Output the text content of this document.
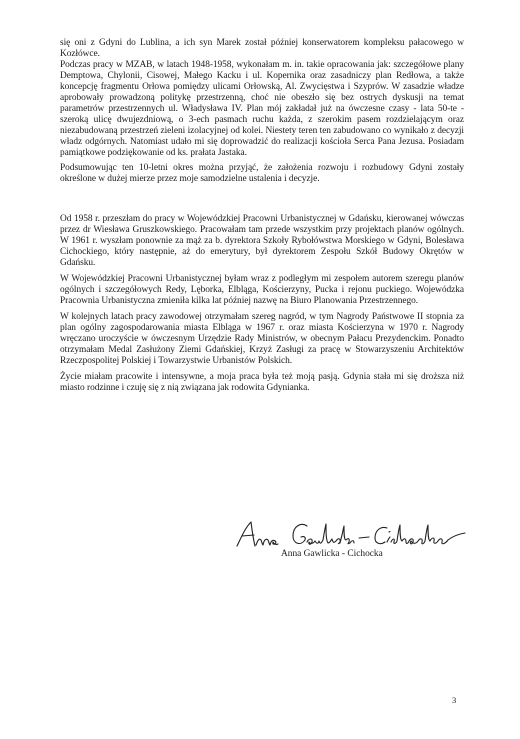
się oni z Gdyni do Lublina, a ich syn Marek został później konserwatorem kompleksu pałacowego w Kozłówce.

Podczas pracy w MZAB, w latach 1948-1958, wykonałam m. in. takie opracowania jak: szczegółowe plany Demptowa, Chylonii, Cisowej, Małego Kacku i ul. Kopernika oraz zasadniczy plan Redłowa, a także koncepcję fragmentu Orłowa pomiędzy ulicami Orłowską, Al. Zwycięstwa i Szyprów. W zasadzie władze aprobowały prowadzoną politykę przestrzenną, choć nie obeszło się bez ostrych dyskusji na temat parametrów przestrzennych ul. Władysława IV. Plan mój zakładał już na ówczesne czasy - lata 50-te - szeroką ulicę dwujezdniową, o 3-ech pasmach ruchu każda, z szerokim pasem rozdzielającym oraz niezabudowaną przestrzeń zieleni izolacyjnej od kolei. Niestety teren ten zabudowano co wynikało z decyzji władz odgórnych. Natomiast udało mi się doprowadzić do realizacji kościoła Serca Pana Jezusa. Posiadam pamiątkowe podziękowanie od ks. prałata Jastaka.

Podsumowując ten 10-letni okres można przyjąć, że założenia rozwoju i rozbudowy Gdyni zostały określone w dużej mierze przez moje samodzielne ustalenia i decyzje.

Od 1958 r. przeszłam do pracy w Wojewódzkiej Pracowni Urbanistycznej w Gdańsku, kierowanej wówczas przez dr Wiesława Gruszkowskiego. Pracowałam tam przede wszystkim przy projektach planów ogólnych. W 1961 r. wyszłam ponownie za mąż za b. dyrektora Szkoły Rybołówstwa Morskiego w Gdyni, Bolesława Cichockiego, który następnie, aż do emerytury, był dyrektorem Zespołu Szkół Budowy Okrętów w Gdańsku.

W Wojewódzkiej Pracowni Urbanistycznej byłam wraz z podległym mi zespołem autorem szeregu planów ogólnych i szczegółowych Redy, Lęborka, Elbląga, Kościerzyny, Pucka i rejonu puckiego. Wojewódzka Pracownia Urbanistyczna zmieniła kilka lat później nazwę na Biuro Planowania Przestrzennego.

W kolejnych latach pracy zawodowej otrzymałam szereg nagród, w tym Nagrody Państwowe II stopnia za plan ogólny zagospodarowania miasta Elbląga w 1967 r. oraz miasta Kościerzyna w 1970 r. Nagrody wręczano uroczyście w ówczesnym Urzędzie Rady Ministrów, w obecnym Pałacu Prezydenckim. Ponadto otrzymałam Medal Zasłużony Ziemi Gdańskiej, Krzyż Zasługi za pracę w Stowarzyszeniu Architektów Rzeczpospolitej Polskiej i Towarzystwie Urbanistów Polskich.

Życie miałam pracowite i intensywne, a moja praca była też moją pasją. Gdynia stała mi się droższa niż miasto rodzinne i czuję się z nią związana jak rodowita Gdynianka.

Anna Gawlicka - Cichocka
3
